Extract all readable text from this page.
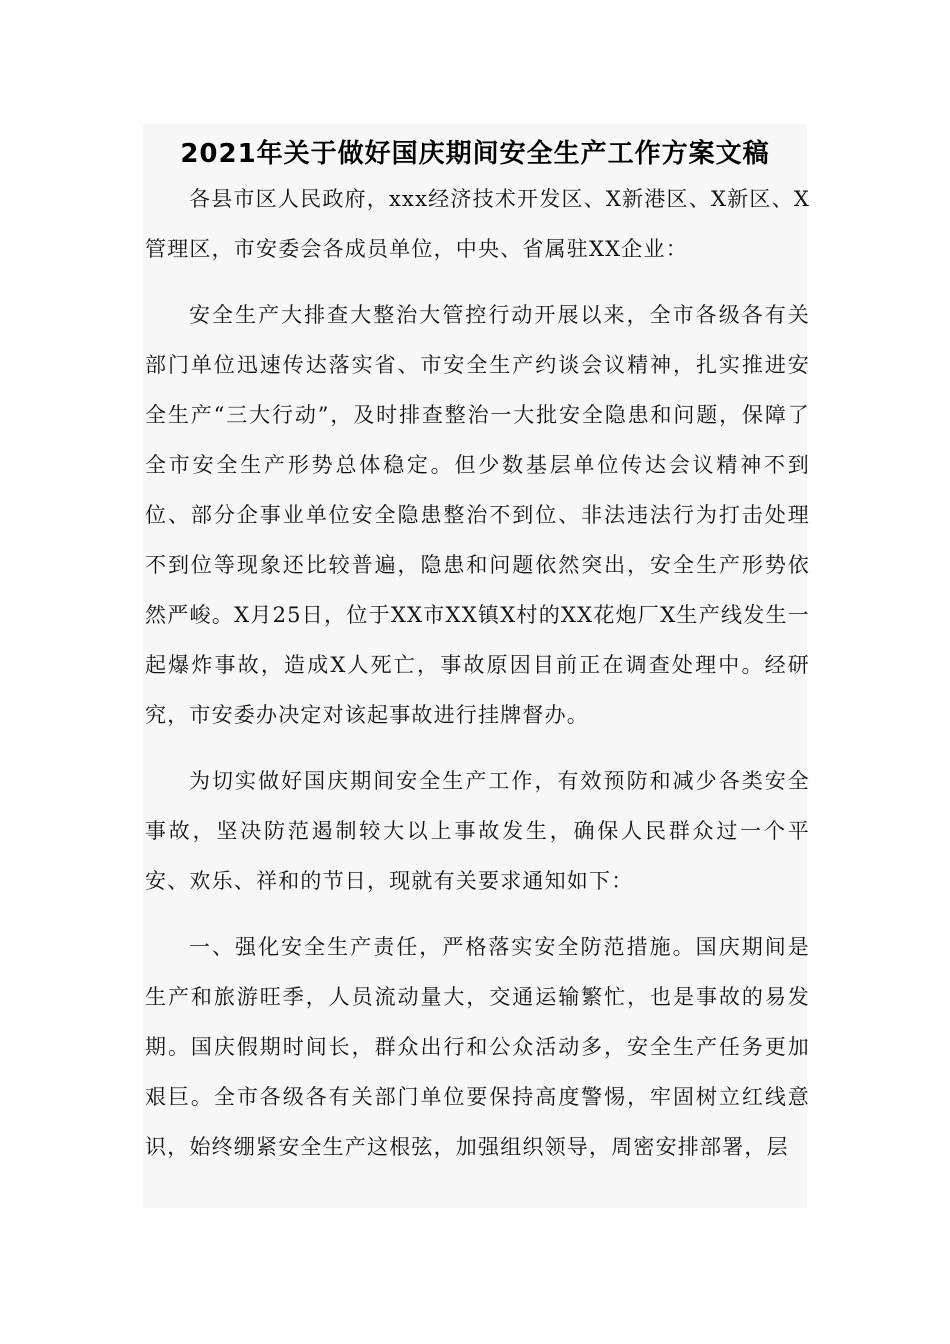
2021年关于做好国庆期间安全生产工作方案文稿

各县市区人民政府，xxx经济技术开发区、X新港区、X新区、X管理区，市安委会各成员单位，中央、省属驻XX企业：

安全生产大排查大整治大管控行动开展以来，全市各级各有关部门单位迅速传达落实省、市安全生产约谈会议精神，扎实推进安全生产“三大行动”，及时排查整治一大批安全隐患和问题，保障了全市安全生产形势总体稳定。但少数基层单位传达会议精神不到位、部分企事业单位安全隐患整治不到位、非法违法行为打击处理不到位等现象还比较普遍，隐患和问题依然突出，安全生产形势依然严峻。X月25日，位于XX市XX镇X村的XX花炮厂X生产线发生一起爆炸事故，造成X人死亡，事故原因目前正在调查处理中。经研究，市安委办决定对该起事故进行挂牌督办。

为切实做好国庆期间安全生产工作，有效预防和减少各类安全事故，坚决防范遏制较大以上事故发生，确保人民群众过一个平安、欢乐、祥和的节日，现就有关要求通知如下：

一、强化安全生产责任，严格落实安全防范措施。国庆期间是生产和旅游旺季，人员流动量大，交通运输繁忙，也是事故的易发期。国庆假期时间长，群众出行和公众活动多，安全生产任务更加艰巨。全市各级各有关部门单位要保持高度警惕，牢固树立红线意识，始终绷紧安全生产这根弦，加强组织领导，周密安排部署，层
